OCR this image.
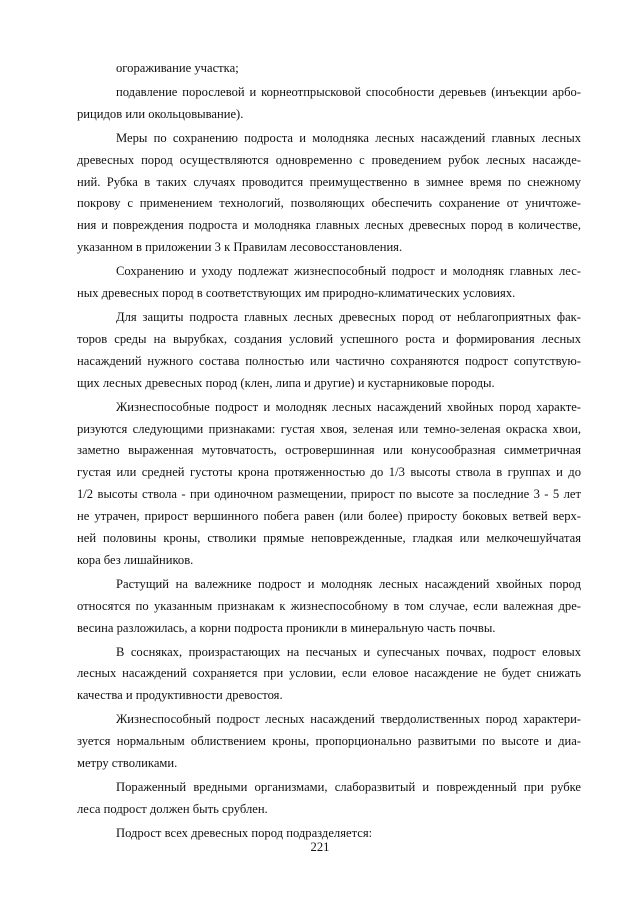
огораживание участка;
подавление порослевой и корнеотпрысковой способности деревьев (инъекции арбо-
рицидов или окольцовывание).
Меры по сохранению подроста и молодняка лесных насаждений главных лесных
древесных пород осуществляются одновременно с проведением рубок лесных насажде-
ний. Рубка в таких случаях проводится преимущественно в зимнее время по снежному
покрову с применением технологий, позволяющих обеспечить сохранение от уничтоже-
ния и повреждения подроста и молодняка главных лесных древесных пород в количестве,
указанном в приложении 3 к Правилам лесовосстановления.
Сохранению и уходу подлежат жизнеспособный подрост и молодняк главных лес-
ных древесных пород в соответствующих им природно-климатических условиях.
Для защиты подроста главных лесных древесных пород от неблагоприятных фак-
торов среды на вырубках, создания условий успешного роста и формирования лесных
насаждений нужного состава полностью или частично сохраняются подрост сопутствую-
щих лесных древесных пород (клен, липа и другие) и кустарниковые породы.
Жизнеспособные подрост и молодняк лесных насаждений хвойных пород характе-
ризуются следующими признаками: густая хвоя, зеленая или темно-зеленая окраска хвои,
заметно выраженная мутовчатость, островершинная или конусообразная симметричная
густая или средней густоты крона протяженностью до 1/3 высоты ствола в группах и до
1/2 высоты ствола - при одиночном размещении, прирост по высоте за последние 3 - 5 лет
не утрачен, прирост вершинного побега равен (или более) приросту боковых ветвей верх-
ней половины кроны, стволики прямые неповрежденные, гладкая или мелкочешуйчатая
кора без лишайников.
Растущий на валежнике подрост и молодняк лесных насаждений хвойных пород
относятся по указанным признакам к жизнеспособному в том случае, если валежная дре-
весина разложилась, а корни подроста проникли в минеральную часть почвы.
В сосняках, произрастающих на песчаных и супесчаных почвах, подрост еловых
лесных насаждений сохраняется при условии, если еловое насаждение не будет снижать
качества и продуктивности древостоя.
Жизнеспособный подрост лесных насаждений твердолиственных пород характери-
зуется нормальным облиствением кроны, пропорционально развитыми по высоте и диа-
метру стволиками.
Пораженный вредными организмами, слаборазвитый и поврежденный при рубке
леса подрост должен быть срублен.
Подрост всех древесных пород подразделяется:
221
